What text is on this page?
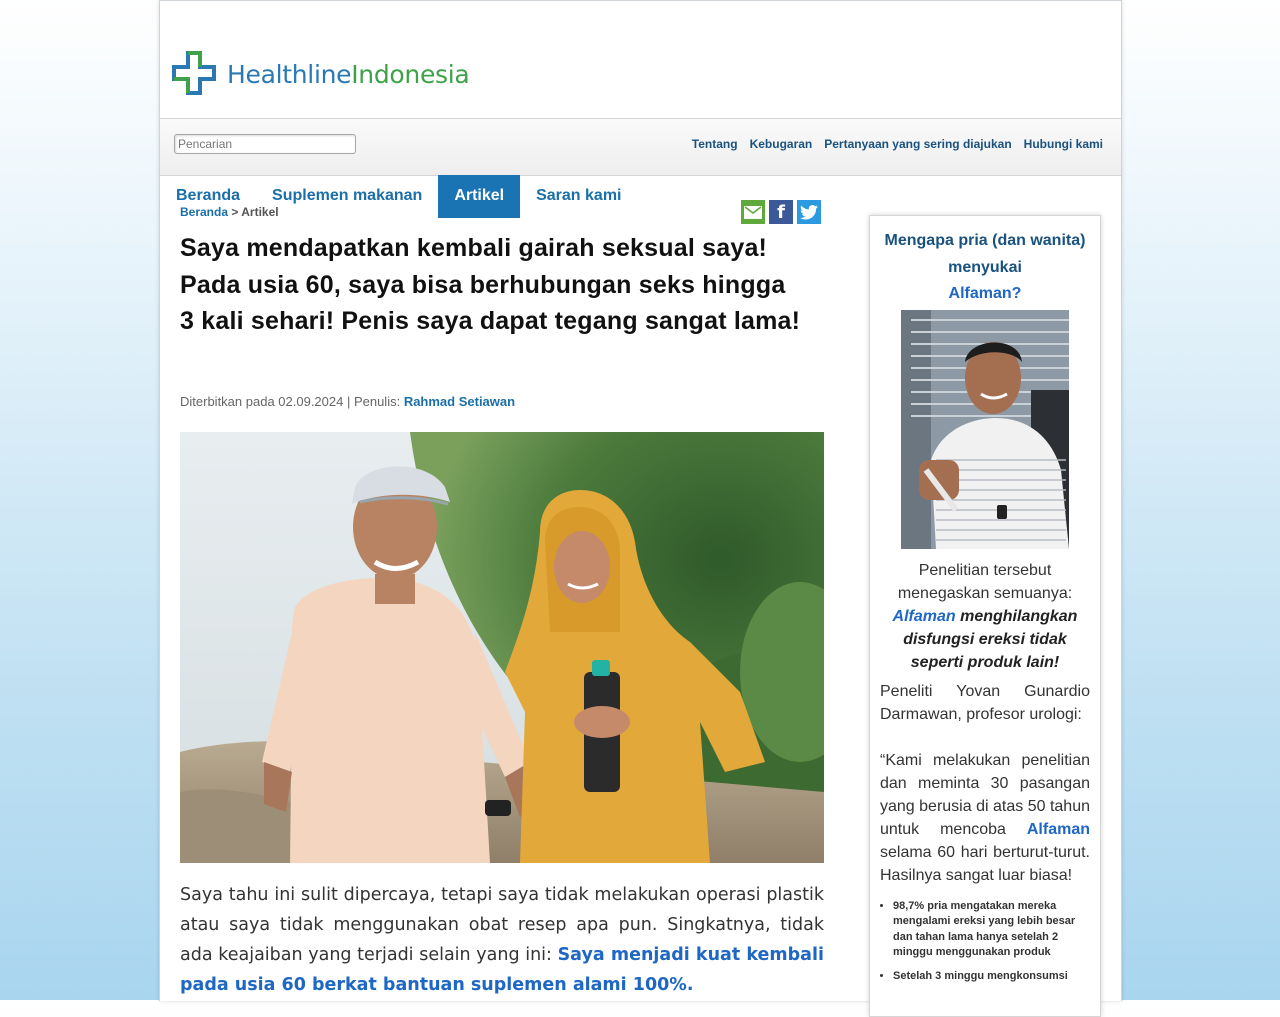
HealthlineIndonesia
Pencarian
Tentang Kebugaran Pertanyaan yang sering diajukan Hubungi kami
Beranda	Suplemen makanan	Artikel	Saran kami
Beranda > Artikel	f
Saya mendapatkan kembali gairah seksual saya! Pada usia 60, saya bisa berhubungan seks hingga 3 kali sehari! Penis saya dapat tegang sangat lama!
Diterbitkan pada 02.09.2024 | Penulis: Rahmad Setiawan

Saya tahu ini sulit dipercaya, tetapi saya tidak melakukan operasi plastik atau saya tidak menggunakan obat resep apa pun. Singkatnya, tidak ada keajaiban yang terjadi selain yang ini: Saya menjadi kuat kembali pada usia 60 berkat bantuan suplemen alami 100%.

Mengapa pria (dan wanita) menyukai
Alfaman?
Penelitian tersebut menegaskan semuanya:
Alfaman menghilangkan disfungsi ereksi tidak seperti produk lain!

Peneliti Yovan Gunardio Darmawan, profesor urologi:

“Kami melakukan penelitian dan meminta 30 pasangan yang berusia di atas 50 tahun untuk mencoba Alfaman selama 60 hari berturut-turut. Hasilnya sangat luar biasa!

• 98,7% pria mengatakan mereka mengalami ereksi yang lebih besar dan tahan lama hanya setelah 2 minggu menggunakan produk
• Setelah 3 minggu mengkonsumsi
